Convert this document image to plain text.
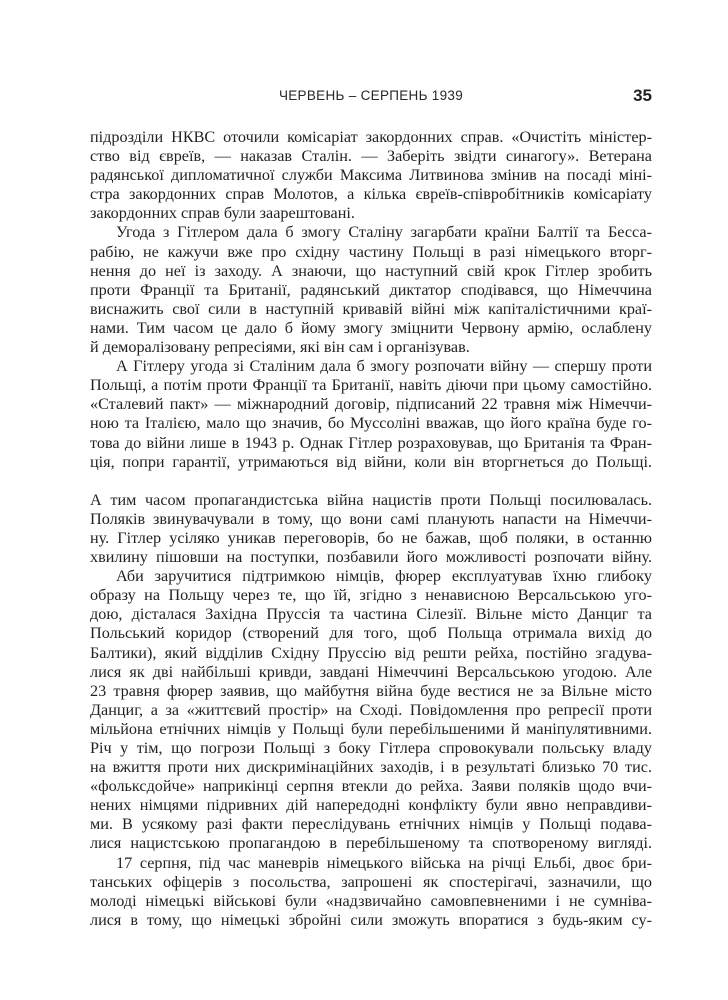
ЧЕРВЕНЬ – СЕРПЕНЬ 1939	35
підрозділи НКВС оточили комісаріат закордонних справ. «Очистіть міністер-
ство від євреїв, — наказав Сталін. — Заберіть звідти синагогу». Ветерана
радянської дипломатичної служби Максима Литвинова змінив на посаді міні-
стра закордонних справ Молотов, а кілька євреїв-співробітників комісаріату
закордонних справ були заарештовані.
Угода з Гітлером дала б змогу Сталіну загарбати країни Балтії та Бесса-
рабію, не кажучи вже про східну частину Польщі в разі німецького вторг-
нення до неї із заходу. А знаючи, що наступний свій крок Гітлер зробить
проти Франції та Британії, радянський диктатор сподівався, що Німеччина
виснажить свої сили в наступній кривавій війні між капіталістичними краї-
нами. Тим часом це дало б йому змогу зміцнити Червону армію, ослаблену
й деморалізовану репресіями, які він сам і організував.
А Гітлеру угода зі Сталіним дала б змогу розпочати війну — спершу проти
Польщі, а потім проти Франції та Британії, навіть діючи при цьому самостійно.
«Сталевий пакт» — міжнародний договір, підписаний 22 травня між Німеччи-
ною та Італією, мало що значив, бо Муссоліні вважав, що його країна буде го-
това до війни лише в 1943 р. Однак Гітлер розраховував, що Британія та Фран-
ція, попри гарантії, утримаються від війни, коли він вторгнеться до Польщі.
А тим часом пропагандистська війна нацистів проти Польщі посилювалась.
Поляків звинувачували в тому, що вони самі планують напасти на Німеччи-
ну. Гітлер усіляко уникав переговорів, бо не бажав, щоб поляки, в останню
хвилину пішовши на поступки, позбавили його можливості розпочати війну.
Аби заручитися підтримкою німців, фюрер експлуатував їхню глибоку
образу на Польщу через те, що їй, згідно з ненависною Версальською уго-
дою, дісталася Західна Пруссія та частина Сілезії. Вільне місто Данциг та
Польський коридор (створений для того, щоб Польща отримала вихід до
Балтики), який відділив Східну Пруссію від решти рейха, постійно згадува-
лися як дві найбільші кривди, завдані Німеччині Версальською угодою. Але
23 травня фюрер заявив, що майбутня війна буде вестися не за Вільне місто
Данциг, а за «життєвий простір» на Сході. Повідомлення про репресії проти
мільйона етнічних німців у Польщі були перебільшеними й маніпулятивними.
Річ у тім, що погрози Польщі з боку Гітлера спровокували польську владу
на вжиття проти них дискримінаційних заходів, і в результаті близько 70 тис.
«фольксдойче» наприкінці серпня втекли до рейха. Заяви поляків щодо вчи-
нених німцями підривних дій напередодні конфлікту були явно неправдиви-
ми. В усякому разі факти переслідувань етнічних німців у Польщі подава-
лися нацистською пропагандою в перебільшеному та спотвореному вигляді.
17 серпня, під час маневрів німецького війська на річці Ельбі, двоє бри-
танських офіцерів з посольства, запрошені як спостерігачі, зазначили, що
молоді німецькі військові були «надзвичайно самовпевненими і не сумніва-
лися в тому, що німецькі збройні сили зможуть впоратися з будь-яким су-
